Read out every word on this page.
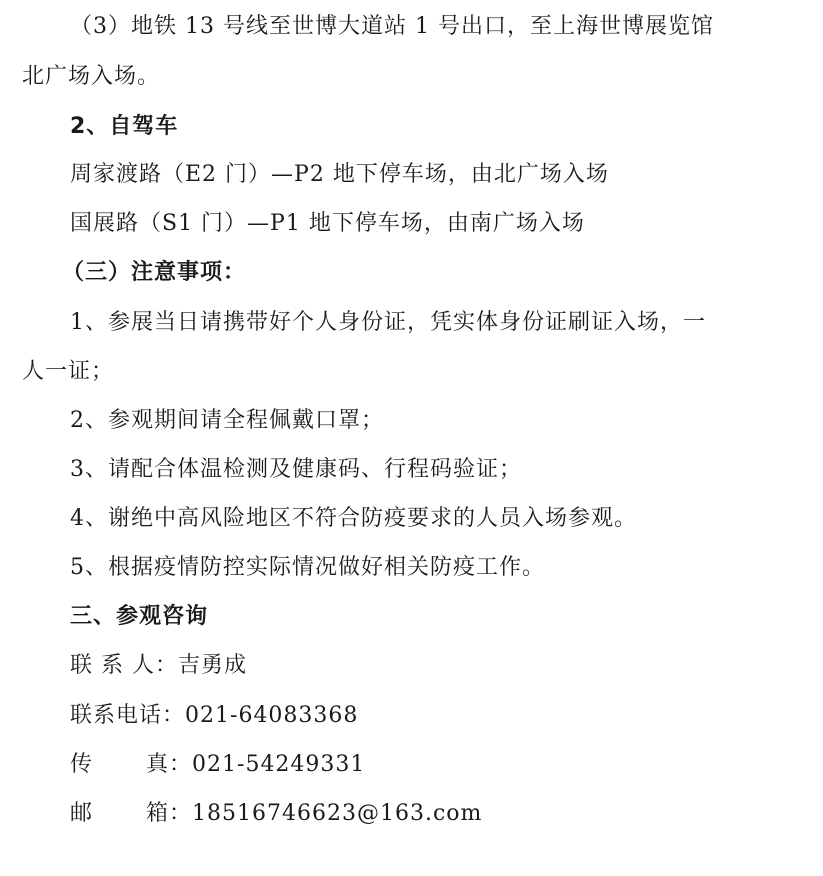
（3）地铁 13 号线至世博大道站 1 号出口，至上海世博展览馆
北广场入场。
2、自驾车
周家渡路（E2 门）—P2 地下停车场，由北广场入场
国展路（S1 门）—P1 地下停车场，由南广场入场
（三）注意事项：
1、参展当日请携带好个人身份证，凭实体身份证刷证入场，一
人一证；
2、参观期间请全程佩戴口罩；
3、请配合体温检测及健康码、行程码验证；
4、谢绝中高风险地区不符合防疫要求的人员入场参观。
5、根据疫情防控实际情况做好相关防疫工作。
三、参观咨询
联 系 人：吉勇成
联系电话：021-64083368
传 真：021-54249331
邮 箱：18516746623@163.com
